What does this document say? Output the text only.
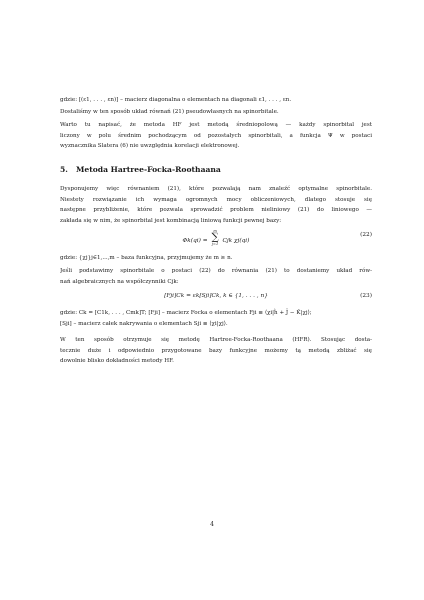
gdzie: [(ε1, . . . , εn)] – macierz diagonalna o elementach na diagonali ε1, . . . , εn.
Dostaliśmy w ten sposób układ równań (21) pseudowłasnych na spinorbitale.
Warto tu napisać, że metoda HF jest metodą średniopolową — każdy spinorbital jest
liczony w polu średnim pochodzącym od pozostałych spinorbitali, a funkcja Ψ w postaci
wyznacznika Slatera (6) nie uwzględnia korelacji elektronowej.
5. Metoda Hartree-Focka-Roothaana
Dysponujemy więc równaniem (21), które pozwalają nam znaleźć optymalne spinorbitale.
Niestety rozwiązanie ich wymaga ogromnych mocy obliczeniowych, dlatego stosuje się
następne przybliżenie, które pozwala sprowadzić problem nieliniowy (21) do liniowego —
zakłada się w nim, że spinorbital jest kombinacją liniową funkcji pewnej bazy:
Φk(qi) =
m
∑
j=1 Cjk χj(qi)
(22)
gdzie: {χj}j∈1,...,m – baza funkcyjna, przyjmujemy że m ≥ n.
Jeśli podstawimy spinorbitale o postaci (22) do równania (21) to dostaniemy układ rów-
nań algebraicznych na współczynniki Cjk:
[Fji]Ck = εk[Sji]Ck, k ∈ {1, . . . , n}	(23)
gdzie: Ck = [C1k, . . . , Cmk]T; [Fji] – macierz Focka o elementach Fji ≡ ⟨χi|ĥ + Ĵ − K̂|χj⟩;
[Sji] – macierz całek nakrywania o elementach Sji ≡ ⟨χi|χj⟩.
W ten sposób otrzymuje się metodę Hartree-Focka-Roothaana (HFR). Stosując dosta-
tecznie duże i odpowiednio przygotowane bazy funkcyjne możemy tą metodą zbliżać się
dowolnie blisko dokładności metody HF.
4
